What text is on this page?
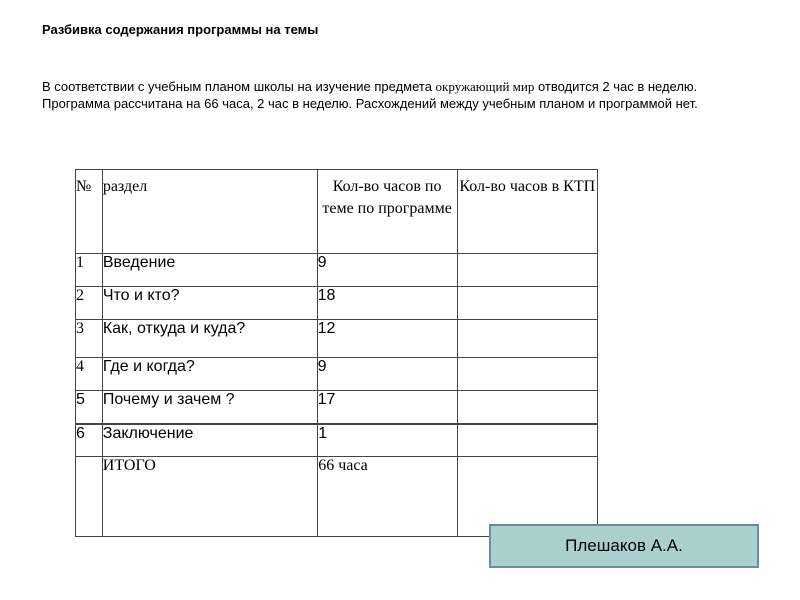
Разбивка содержания программы на темы

В соответствии с учебным планом школы на изучение предмета окружающий мир отводится 2 час в неделю.
Программа рассчитана на 66 часа, 2 час в неделю. Расхождений между учебным планом и программой нет.

№	раздел	Кол-во часов по теме по программе	Кол-во часов в КТП
1	Введение	9	
2	Что и кто?	18	
3	Как, откуда и куда?	12	
4	Где и когда?	9	
5	Почему и зачем ?	17	
6	Заключение	1	
	ИТОГО	66 часа	
Плешаков А.А.
